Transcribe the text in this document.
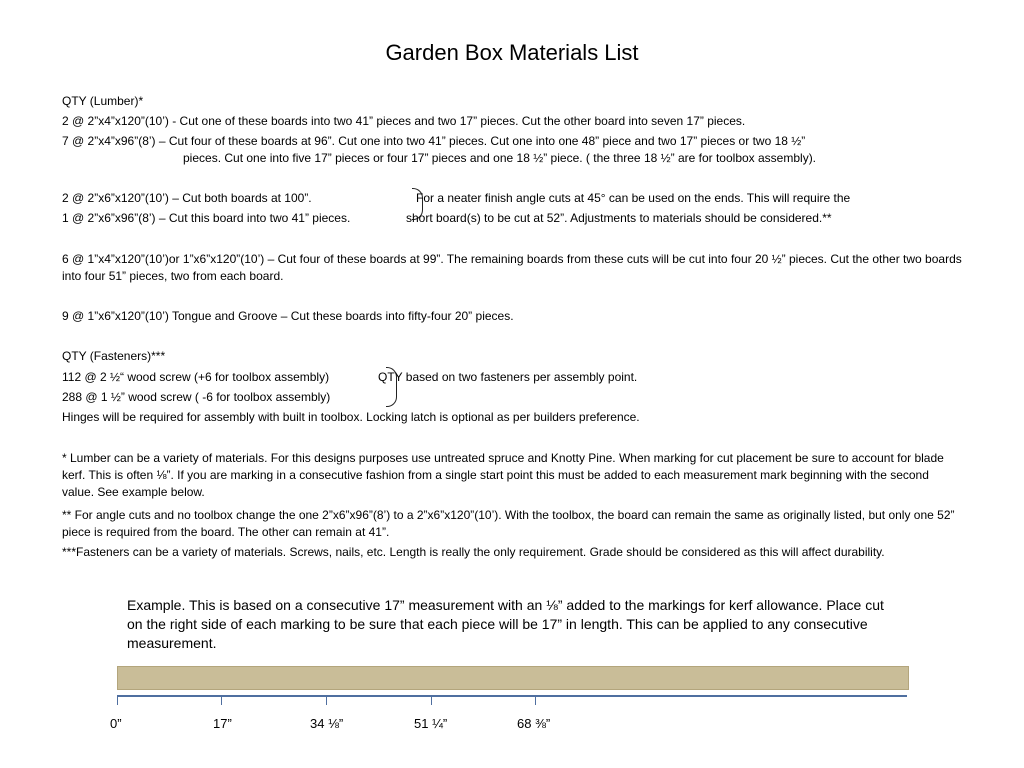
Garden Box Materials List
QTY (Lumber)*
2 @ 2”x4”x120”(10’) - Cut one of these boards into two 41” pieces and two 17” pieces. Cut the other board into seven 17” pieces.
7 @ 2”x4”x96”(8’) – Cut four of these boards at 96”. Cut one into two 41” pieces. Cut one into one 48” piece and two 17” pieces or two 18 ½”
pieces. Cut one into five 17” pieces or four 17” pieces and one 18 ½” piece. ( the three 18 ½” are for toolbox assembly).
2 @ 2”x6”x120”(10’) – Cut both boards at 100”.
1 @ 2”x6”x96”(8’) – Cut this board into two 41” pieces.
For a neater finish angle cuts at 45° can be used on the ends. This will require the
short board(s) to be cut at 52”. Adjustments to materials should be considered.**
6 @ 1”x4”x120”(10’)or 1”x6”x120”(10’) – Cut four of these boards at 99”. The remaining boards from these cuts will be cut into four 20 ½” pieces. Cut the other two boards into four 51” pieces, two from each board.
9 @ 1”x6”x120”(10’) Tongue and Groove – Cut these boards into fifty-four 20” pieces.
QTY (Fasteners)***
112 @ 2 ½“ wood screw (+6 for toolbox assembly)
288 @ 1 ½” wood screw ( -6 for toolbox assembly)
QTY based on two fasteners per assembly point.
Hinges will be required for assembly with built in toolbox. Locking latch is optional as per builders preference.
* Lumber can be a variety of materials. For this designs purposes use untreated spruce and Knotty Pine. When marking for cut placement be sure to account for blade kerf. This is often ⅛”. If you are marking in a consecutive fashion from a single start point this must be added to each measurement mark beginning with the second value. See example below.
** For angle cuts and no toolbox change the one 2”x6”x96”(8’) to a 2”x6”x120”(10’). With the toolbox, the board can remain the same as originally listed, but only one 52” piece is required from the board. The other can remain at 41”.
***Fasteners can be a variety of materials. Screws, nails, etc. Length is really the only requirement. Grade should be considered as this will affect durability.
Example. This is based on a consecutive 17” measurement with an ⅛” added to the markings for kerf allowance. Place cut on the right side of each marking to be sure that each piece will be 17” in length. This can be applied to any consecutive measurement.
0”	17”	34 ⅛”	51 ¼”	68 ⅜”
